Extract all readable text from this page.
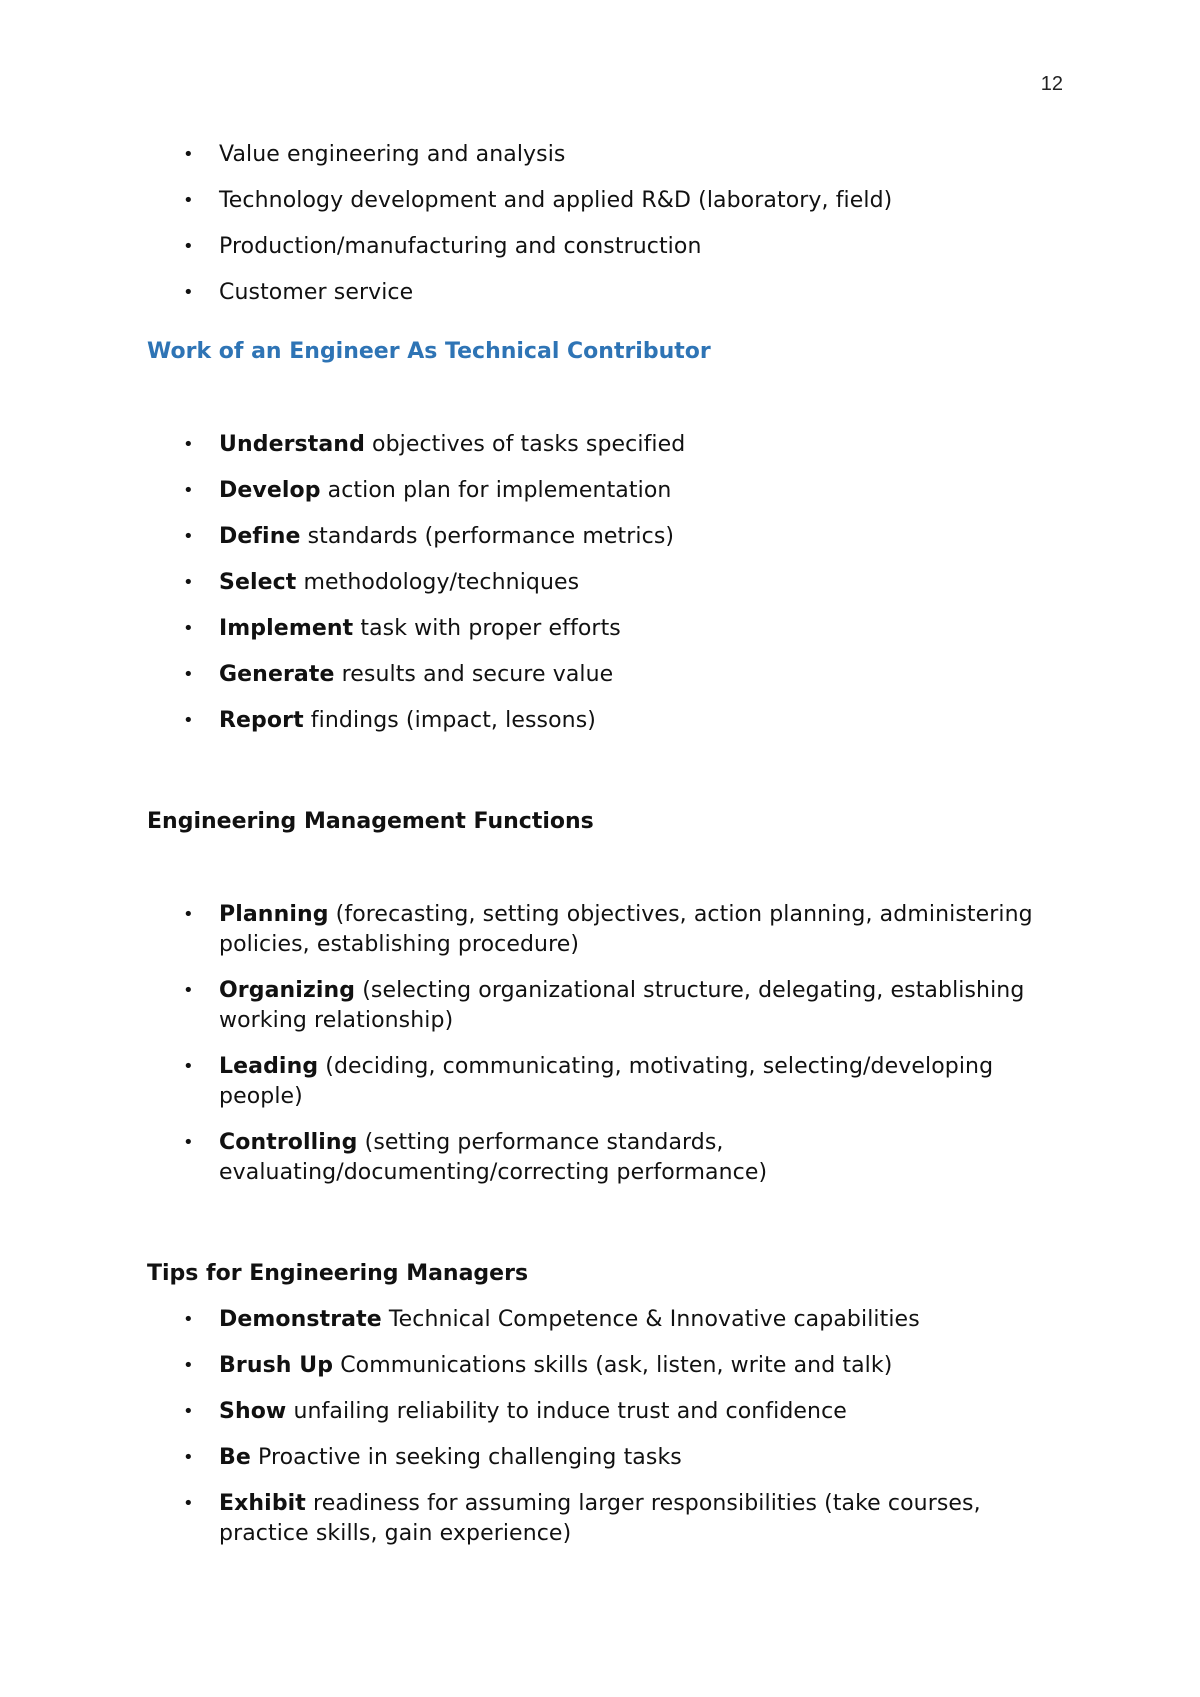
12
• Value engineering and analysis
• Technology development and applied R&D (laboratory, field)
• Production/manufacturing and construction
• Customer service
Work of an Engineer As Technical Contributor
• Understand objectives of tasks specified
• Develop action plan for implementation
• Define standards (performance metrics)
• Select methodology/techniques
• Implement task with proper efforts
• Generate results and secure value
• Report findings (impact, lessons)
Engineering Management Functions
• Planning (forecasting, setting objectives, action planning, administering policies, establishing procedure)
• Organizing (selecting organizational structure, delegating, establishing working relationship)
• Leading (deciding, communicating, motivating, selecting/developing people)
• Controlling (setting performance standards, evaluating/documenting/correcting performance)
Tips for Engineering Managers
• Demonstrate Technical Competence & Innovative capabilities
• Brush Up Communications skills (ask, listen, write and talk)
• Show unfailing reliability to induce trust and confidence
• Be Proactive in seeking challenging tasks
• Exhibit readiness for assuming larger responsibilities (take courses, practice skills, gain experience)
